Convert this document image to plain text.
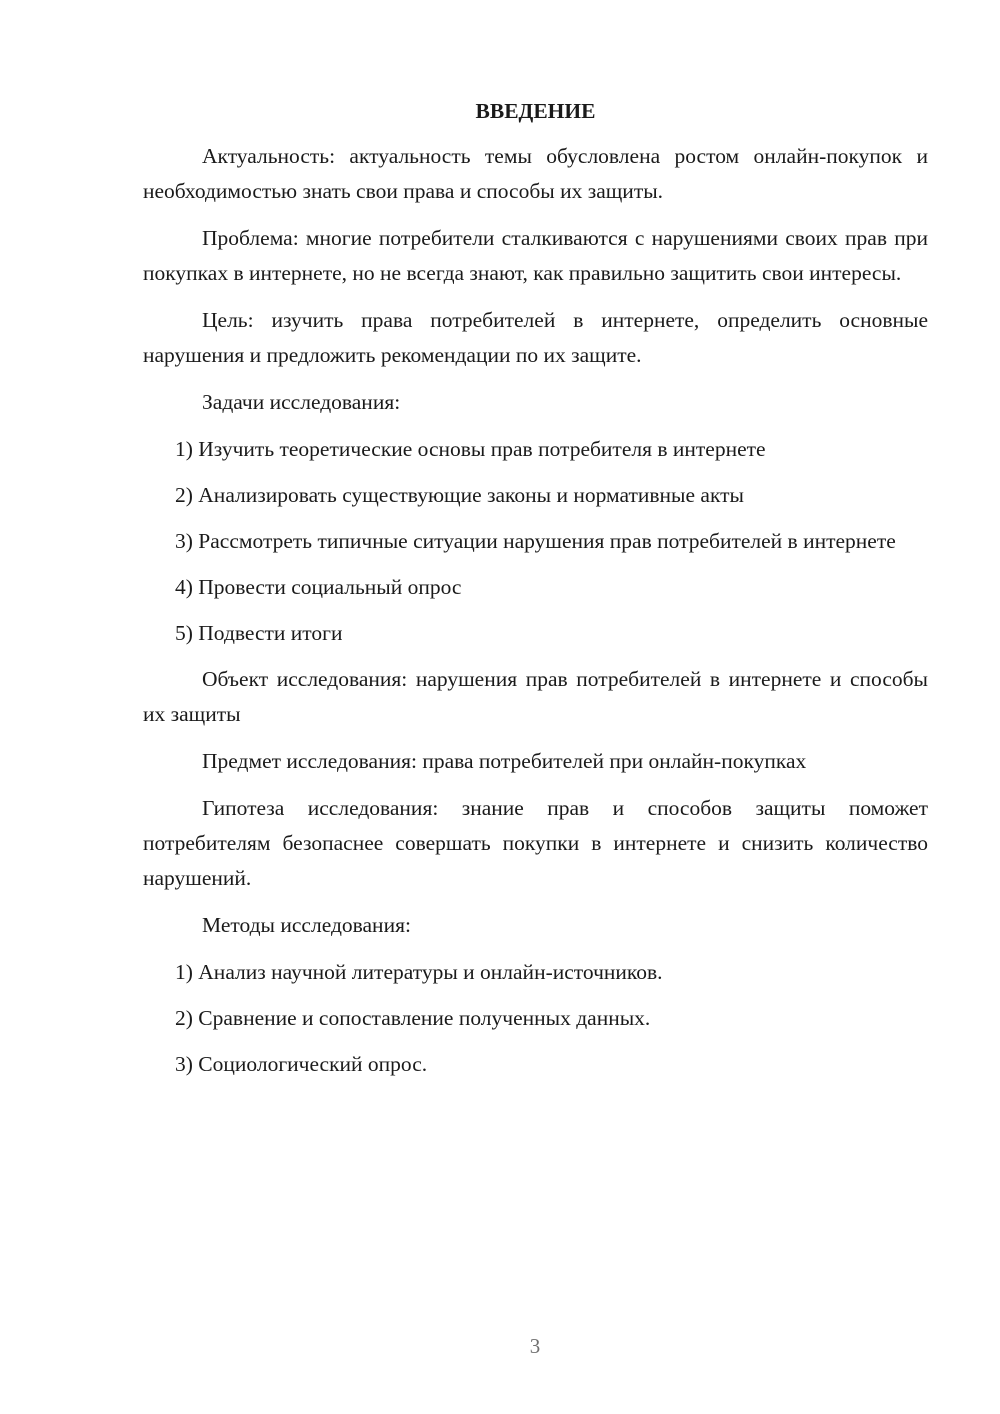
ВВЕДЕНИЕ

Актуальность: актуальность темы обусловлена ростом онлайн-покупок и необходимостью знать свои права и способы их защиты.

Проблема: многие потребители сталкиваются с нарушениями своих прав при покупках в интернете, но не всегда знают, как правильно защитить свои интересы.

Цель: изучить права потребителей в интернете, определить основные нарушения и предложить рекомендации по их защите.

Задачи исследования:

1) Изучить теоретические основы прав потребителя в интернете

2) Анализировать существующие законы и нормативные акты

3) Рассмотреть типичные ситуации нарушения прав потребителей в интернете

4) Провести социальный опрос

5) Подвести итоги

Объект исследования: нарушения прав потребителей в интернете и способы их защиты

Предмет исследования: права потребителей при онлайн-покупках

Гипотеза исследования: знание прав и способов защиты поможет потребителям безопаснее совершать покупки в интернете и снизить количество нарушений.

Методы исследования:

1) Анализ научной литературы и онлайн-источников.

2) Сравнение и сопоставление полученных данных.

3) Социологический опрос.

3
